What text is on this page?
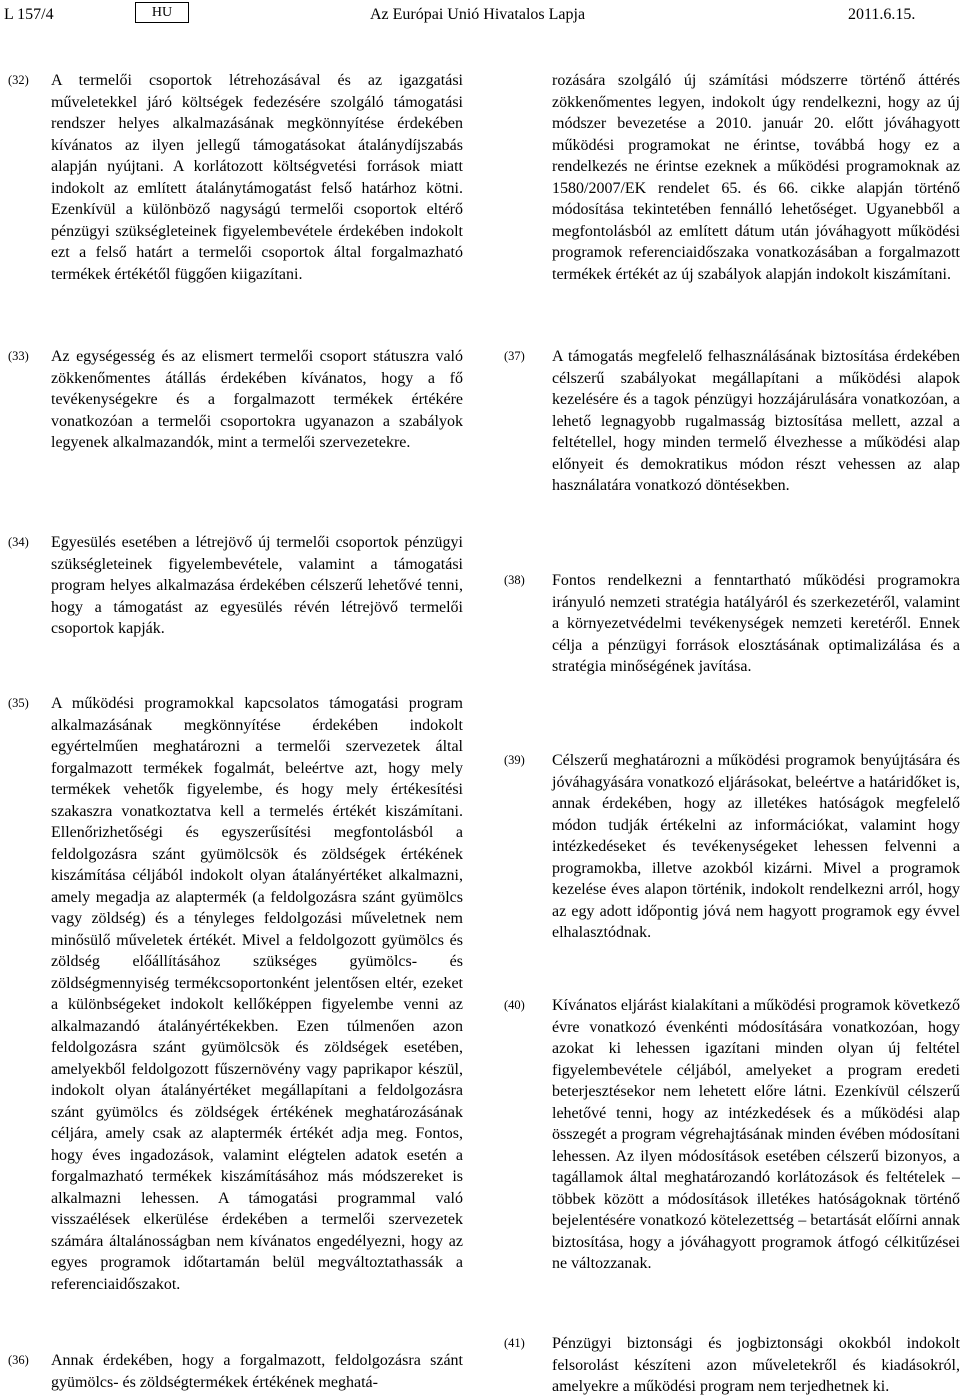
L 157/4	HU	Az Európai Unió Hivatalos Lapja	2011.6.15.
(32) A termelői csoportok létrehozásával és az igazgatási műveletekkel járó költségek fedezésére szolgáló támogatási rendszer helyes alkalmazásának megkönnyítése érdekében kívánatos az ilyen jellegű támogatásokat átalánydíjszabás alapján nyújtani. A korlátozott költségvetési források miatt indokolt az említett átalánytámogatást felső határhoz kötni. Ezenkívül a különböző nagyságú termelői csoportok eltérő pénzügyi szükségleteinek figyelembevétele érdekében indokolt ezt a felső határt a termelői csoportok által forgalmazható termékek értékétől függően kiigazítani.
(33) Az egységesség és az elismert termelői csoport státuszra való zökkenőmentes átállás érdekében kívánatos, hogy a fő tevékenységekre és a forgalmazott termékek értékére vonatkozóan a termelői csoportokra ugyanazon a szabályok legyenek alkalmazandók, mint a termelői szervezetekre.
(34) Egyesülés esetében a létrejövő új termelői csoportok pénzügyi szükségleteinek figyelembevétele, valamint a támogatási program helyes alkalmazása érdekében célszerű lehetővé tenni, hogy a támogatást az egyesülés révén létrejövő termelői csoportok kapják.
(35) A működési programokkal kapcsolatos támogatási program alkalmazásának megkönnyítése érdekében indokolt egyértelműen meghatározni a termelői szervezetek által forgalmazott termékek fogalmát, beleértve azt, hogy mely termékek vehetők figyelembe, és hogy mely értékesítési szakaszra vonatkoztatva kell a termelés értékét kiszámítani. Ellenőrizhetőségi és egyszerűsítési megfontolásból a feldolgozásra szánt gyümölcsök és zöldségek értékének kiszámítása céljából indokolt olyan átalányértéket alkalmazni, amely megadja az alaptermék (a feldolgozásra szánt gyümölcs vagy zöldség) és a tényleges feldolgozási műveletnek nem minősülő műveletek értékét. Mivel a feldolgozott gyümölcs és zöldség előállításához szükséges gyümölcs- és zöldségmennyiség termékcsoportonként jelentősen eltér, ezeket a különbségeket indokolt kellőképpen figyelembe venni az alkalmazandó átalányértékekben. Ezen túlmenően azon feldolgozásra szánt gyümölcsök és zöldségek esetében, amelyekből feldolgozott fűszernövény vagy paprikapor készül, indokolt olyan átalányértéket megállapítani a feldolgozásra szánt gyümölcs és zöldségek értékének meghatározásának céljára, amely csak az alaptermék értékét adja meg. Fontos, hogy éves ingadozások, valamint elégtelen adatok esetén a forgalmazható termékek kiszámításához más módszereket is alkalmazni lehessen. A támogatási programmal való visszaélések elkerülése érdekében a termelői szervezetek számára általánosságban nem kívánatos engedélyezni, hogy az egyes programok időtartamán belül megváltoztathassák a referenciaidőszakot.
(36) Annak érdekében, hogy a forgalmazott, feldolgozásra szánt gyümölcs- és zöldségtermékek értékének meghatá-
rozására szolgáló új számítási módszerre történő áttérés zökkenőmentes legyen, indokolt úgy rendelkezni, hogy az új módszer bevezetése a 2010. január 20. előtt jóváhagyott működési programokat ne érintse, továbbá hogy ez a rendelkezés ne érintse ezeknek a működési programoknak az 1580/2007/EK rendelet 65. és 66. cikke alapján történő módosítása tekintetében fennálló lehetőséget. Ugyanebből a megfontolásból az említett dátum után jóváhagyott működési programok referenciaidőszaka vonatkozásában a forgalmazott termékek értékét az új szabályok alapján indokolt kiszámítani.
(37) A támogatás megfelelő felhasználásának biztosítása érdekében célszerű szabályokat megállapítani a működési alapok kezelésére és a tagok pénzügyi hozzájárulására vonatkozóan, a lehető legnagyobb rugalmasság biztosítása mellett, azzal a feltétellel, hogy minden termelő élvezhesse a működési alap előnyeit és demokratikus módon részt vehessen az alap használatára vonatkozó döntésekben.
(38) Fontos rendelkezni a fenntartható működési programokra irányuló nemzeti stratégia hatályáról és szerkezetéről, valamint a környezetvédelmi tevékenységek nemzeti keretéről. Ennek célja a pénzügyi források elosztásának optimalizálása és a stratégia minőségének javítása.
(39) Célszerű meghatározni a működési programok benyújtására és jóváhagyására vonatkozó eljárásokat, beleértve a határidőket is, annak érdekében, hogy az illetékes hatóságok megfelelő módon tudják értékelni az információkat, valamint hogy intézkedéseket és tevékenységeket lehessen felvenni a programokba, illetve azokból kizárni. Mivel a programok kezelése éves alapon történik, indokolt rendelkezni arról, hogy az egy adott időpontig jóvá nem hagyott programok egy évvel elhalasztódnak.
(40) Kívánatos eljárást kialakítani a működési programok következő évre vonatkozó évenkénti módosítására vonatkozóan, hogy azokat ki lehessen igazítani minden olyan új feltétel figyelembevétele céljából, amelyeket a program eredeti beterjesztésekor nem lehetett előre látni. Ezenkívül célszerű lehetővé tenni, hogy az intézkedések és a működési alap összegét a program végrehajtásának minden évében módosítani lehessen. Az ilyen módosítások esetében célszerű bizonyos, a tagállamok által meghatározandó korlátozások és feltételek – többek között a módosítások illetékes hatóságoknak történő bejelentésére vonatkozó kötelezettség – betartását előírni annak biztosítása, hogy a jóváhagyott programok átfogó célkitűzései ne változzanak.
(41) Pénzügyi biztonsági és jogbiztonsági okokból indokolt felsorolást készíteni azon műveletekről és kiadásokról, amelyekre a működési program nem terjedhetnek ki.
